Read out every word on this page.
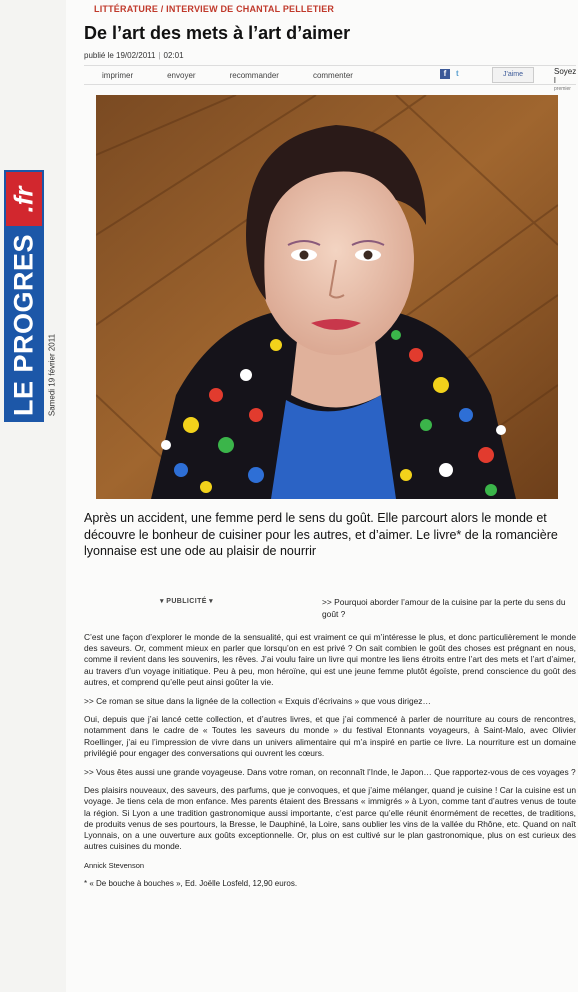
.fr
LE PROGRES Samedi 19 février 2011
LITTÉRATURE / INTERVIEW DE CHANTAL PELLETIER
De l’art des mets à l’art d’aimer
publié le 19/02/2011 | 02:01
imprimer	envoyer	recommander	commenter	f	t	J'aime	Soyez l
premier
Après un accident, une femme perd le sens du goût. Elle parcourt alors le monde et découvre le bonheur de cuisiner pour les autres, et d’aimer. Le livre* de la romancière lyonnaise est une ode au plaisir de nourrir
▾ PUBLICITÉ ▾	>> Pourquoi aborder l’amour de la cuisine par la perte du sens du goût ?

C’est une façon d’explorer le monde de la sensualité, qui est vraiment ce qui m’intéresse le plus, et donc particulièrement le monde des saveurs. Or, comment mieux en parler que lorsqu’on en est privé ? On sait combien le goût des choses est prégnant en nous, comme il revient dans les souvenirs, les rêves. J’ai voulu faire un livre qui montre les liens étroits entre l’art des mets et l’art d’aimer, au travers d’un voyage initiatique. Peu à peu, mon héroïne, qui est une jeune femme plutôt égoïste, prend conscience du goût des autres, et comprend qu’elle peut ainsi goûter la vie.

>> Ce roman se situe dans la lignée de la collection « Exquis d’écrivains » que vous dirigez…

Oui, depuis que j’ai lancé cette collection, et d’autres livres, et que j’ai commencé à parler de nourriture au cours de rencontres, notamment dans le cadre de « Toutes les saveurs du monde » du festival Etonnants voyageurs, à Saint-Malo, avec Olivier Roellinger, j’ai eu l’impression de vivre dans un univers alimentaire qui m’a inspiré en partie ce livre. La nourriture est un domaine privilégié pour engager des conversations qui ouvrent les cœurs.

>> Vous êtes aussi une grande voyageuse. Dans votre roman, on reconnaît l’Inde, le Japon… Que rapportez-vous de ces voyages ?

Des plaisirs nouveaux, des saveurs, des parfums, que je convoques, et que j’aime mélanger, quand je cuisine ! Car la cuisine est un voyage. Je tiens cela de mon enfance. Mes parents étaient des Bressans « immigrés » à Lyon, comme tant d’autres venus de toute la région. Si Lyon a une tradition gastronomique aussi importante, c’est parce qu’elle réunit énormément de recettes, de traditions, de produits venus de ses pourtours, la Bresse, le Dauphiné, la Loire, sans oublier les vins de la vallée du Rhône, etc. Quand on naît Lyonnais, on a une ouverture aux goûts exceptionnelle. Or, plus on est cultivé sur le plan gastronomique, plus on est curieux des autres cuisines du monde.

Annick Stevenson

* « De bouche à bouches », Ed. Joëlle Losfeld, 12,90 euros.
